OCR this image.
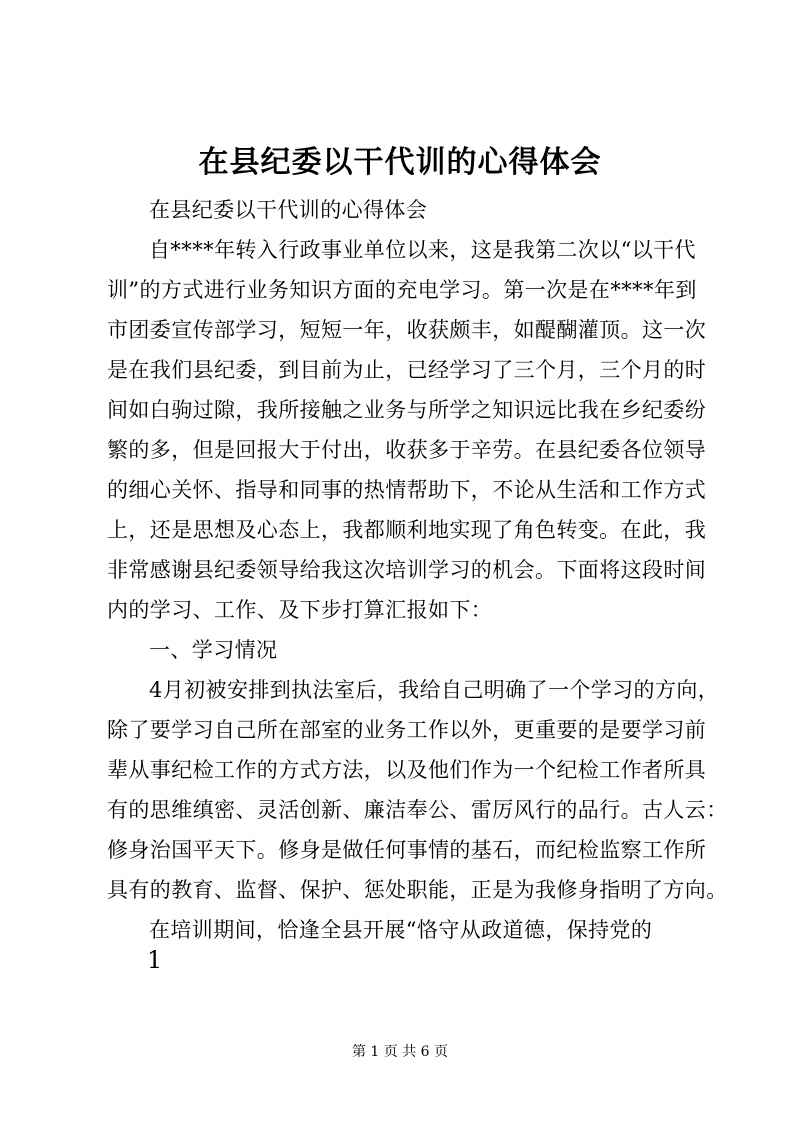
在县纪委以干代训的心得体会
在县纪委以干代训的心得体会
自****年转入行政事业单位以来，这是我第二次以“以干代
训”的方式进行业务知识方面的充电学习。第一次是在****年到
市团委宣传部学习，短短一年，收获颇丰，如醍醐灌顶。这一次
是在我们县纪委，到目前为止，已经学习了三个月，三个月的时
间如白驹过隙，我所接触之业务与所学之知识远比我在乡纪委纷
繁的多，但是回报大于付出，收获多于辛劳。在县纪委各位领导
的细心关怀、指导和同事的热情帮助下，不论从生活和工作方式
上，还是思想及心态上，我都顺利地实现了角色转变。在此，我
非常感谢县纪委领导给我这次培训学习的机会。下面将这段时间
内的学习、工作、及下步打算汇报如下：
一、学习情况
4月初被安排到执法室后，我给自己明确了一个学习的方向，
除了要学习自己所在部室的业务工作以外，更重要的是要学习前
辈从事纪检工作的方式方法，以及他们作为一个纪检工作者所具
有的思维缜密、灵活创新、廉洁奉公、雷厉风行的品行。古人云：
修身治国平天下。修身是做任何事情的基石，而纪检监察工作所
具有的教育、监督、保护、惩处职能，正是为我修身指明了方向。
在培训期间，恰逢全县开展“恪守从政道德，保持党的
1
第 1 页 共 6 页
